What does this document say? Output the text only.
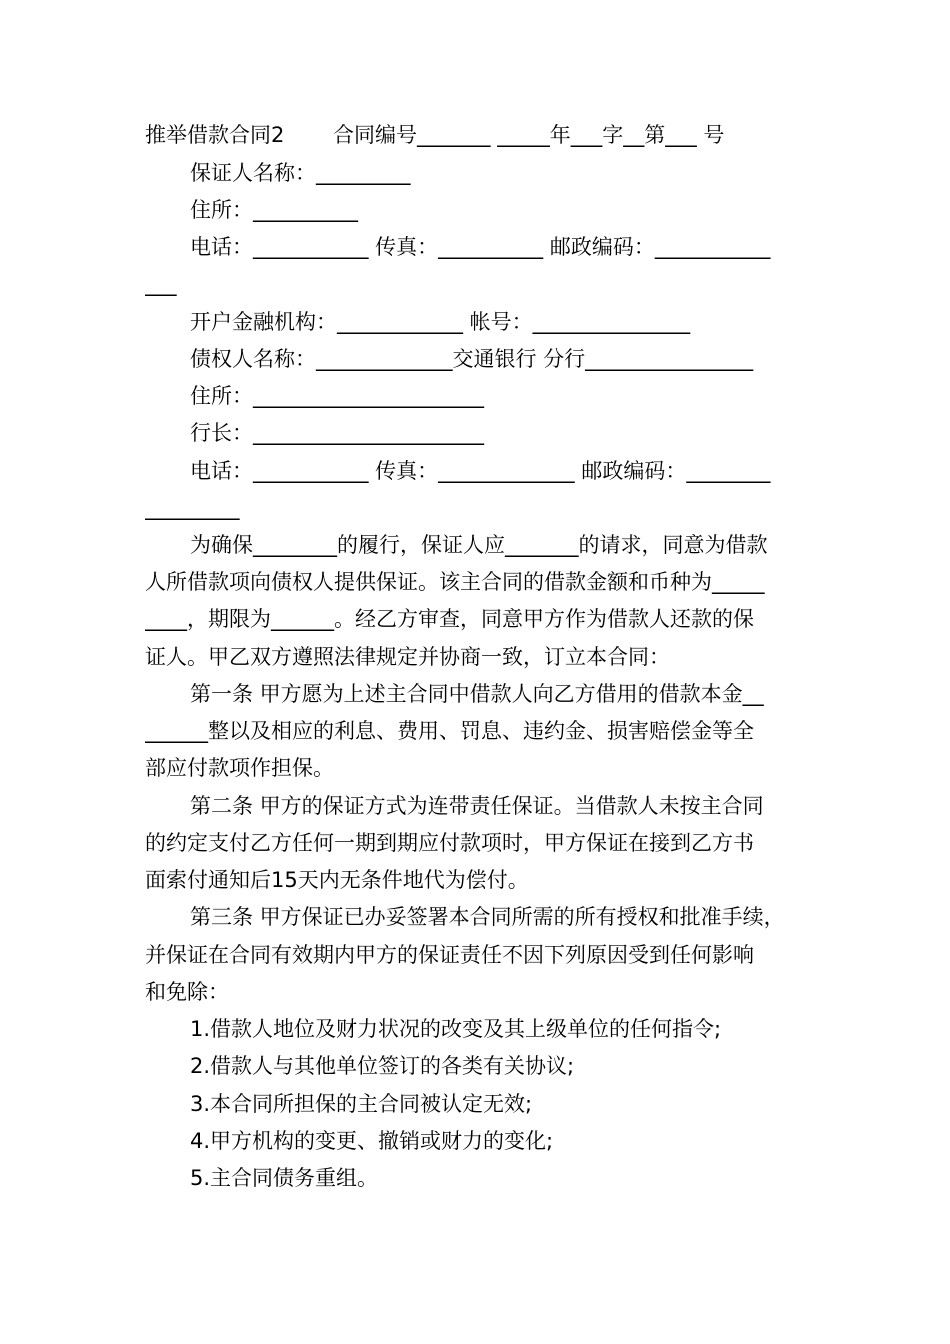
推举借款合同2 　　合同编号_______ _____年___字__第___ 号
保证人名称：_________
住所：__________
电话：___________ 传真：__________ 邮政编码：___________
___
开户金融机构：____________ 帐号：_______________
债权人名称：_____________交通银行 分行________________
住所：______________________
行长：______________________
电话：___________ 传真：_____________ 邮政编码：________
_________
为确保________的履行，保证人应_______的请求，同意为借款
人所借款项向债权人提供保证。该主合同的借款金额和币种为_____
____，期限为______。经乙方审查，同意甲方作为借款人还款的保
证人。甲乙双方遵照法律规定并协商一致，订立本合同：
第一条 甲方愿为上述主合同中借款人向乙方借用的借款本金__
______整以及相应的利息、费用、罚息、违约金、损害赔偿金等全
部应付款项作担保。
第二条 甲方的保证方式为连带责任保证。当借款人未按主合同
的约定支付乙方任何一期到期应付款项时，甲方保证在接到乙方书
面索付通知后15天内无条件地代为偿付。
第三条 甲方保证已办妥签署本合同所需的所有授权和批准手续，
并保证在合同有效期内甲方的保证责任不因下列原因受到任何影响
和免除：
1.借款人地位及财力状况的改变及其上级单位的任何指令;
2.借款人与其他单位签订的各类有关协议;
3.本合同所担保的主合同被认定无效;
4.甲方机构的变更、撤销或财力的变化;
5.主合同债务重组。
